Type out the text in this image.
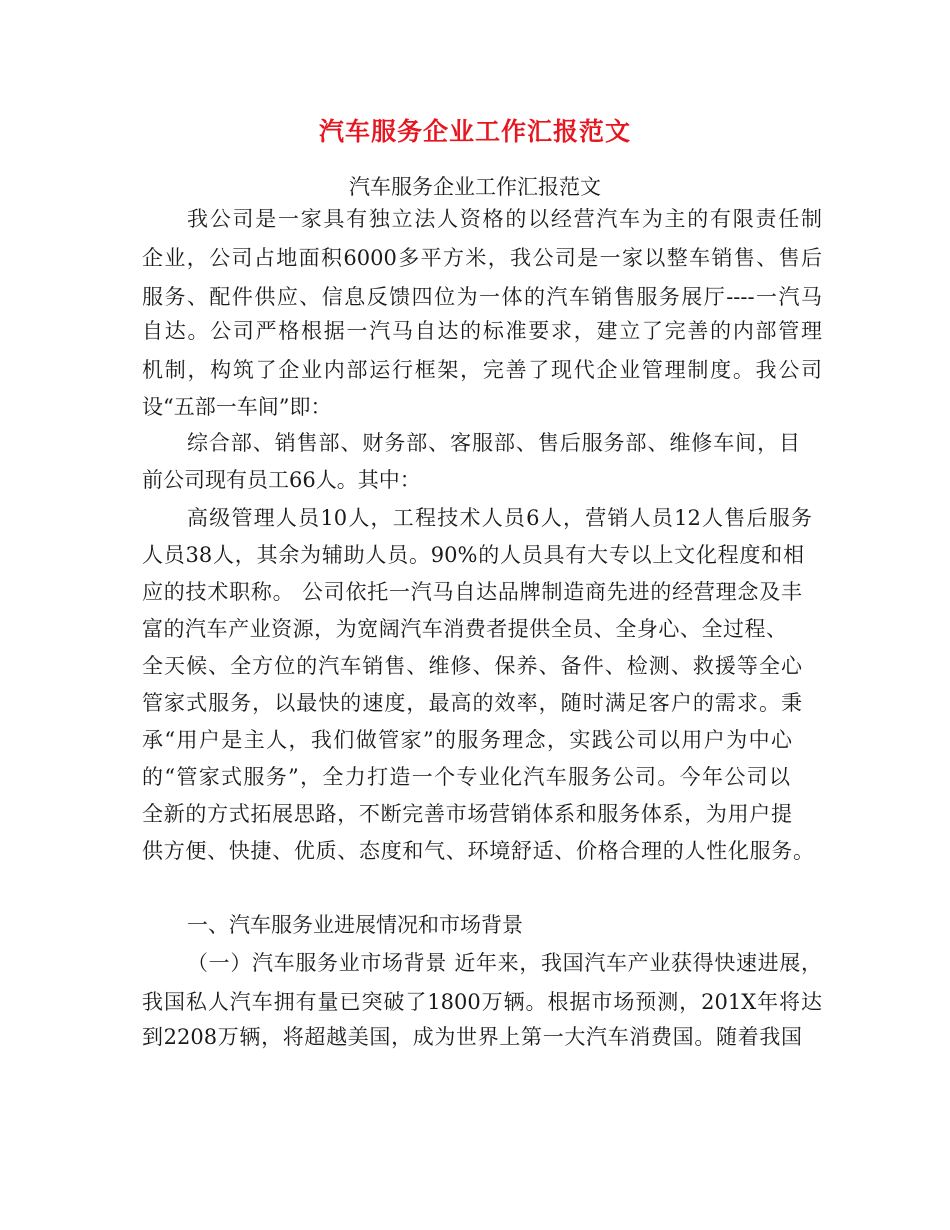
汽车服务企业工作汇报范文
汽车服务企业工作汇报范文
我公司是一家具有独立法人资格的以经营汽车为主的有限责任制
企业，公司占地面积6000多平方米，我公司是一家以整车销售、售后
服务、配件供应、信息反馈四位为一体的汽车销售服务展厅----一汽马
自达。公司严格根据一汽马自达的标准要求，建立了完善的内部管理
机制，构筑了企业内部运行框架，完善了现代企业管理制度。我公司
设“五部一车间”即：
综合部、销售部、财务部、客服部、售后服务部、维修车间，目
前公司现有员工66人。其中：
高级管理人员10人，工程技术人员6人，营销人员12人售后服务
人员38人，其余为辅助人员。90%的人员具有大专以上文化程度和相
应的技术职称。 公司依托一汽马自达品牌制造商先进的经营理念及丰
富的汽车产业资源，为宽阔汽车消费者提供全员、全身心、全过程、
全天候、全方位的汽车销售、维修、保养、备件、检测、救援等全心
管家式服务，以最快的速度，最高的效率，随时满足客户的需求。秉
承“用户是主人，我们做管家”的服务理念，实践公司以用户为中心
的“管家式服务”，全力打造一个专业化汽车服务公司。今年公司以
全新的方式拓展思路，不断完善市场营销体系和服务体系，为用户提
供方便、快捷、优质、态度和气、环境舒适、价格合理的人性化服务。
一、汽车服务业进展情况和市场背景
（一）汽车服务业市场背景 近年来，我国汽车产业获得快速进展，
我国私人汽车拥有量已突破了1800万辆。根据市场预测，201X年将达
到2208万辆，将超越美国，成为世界上第一大汽车消费国。随着我国
